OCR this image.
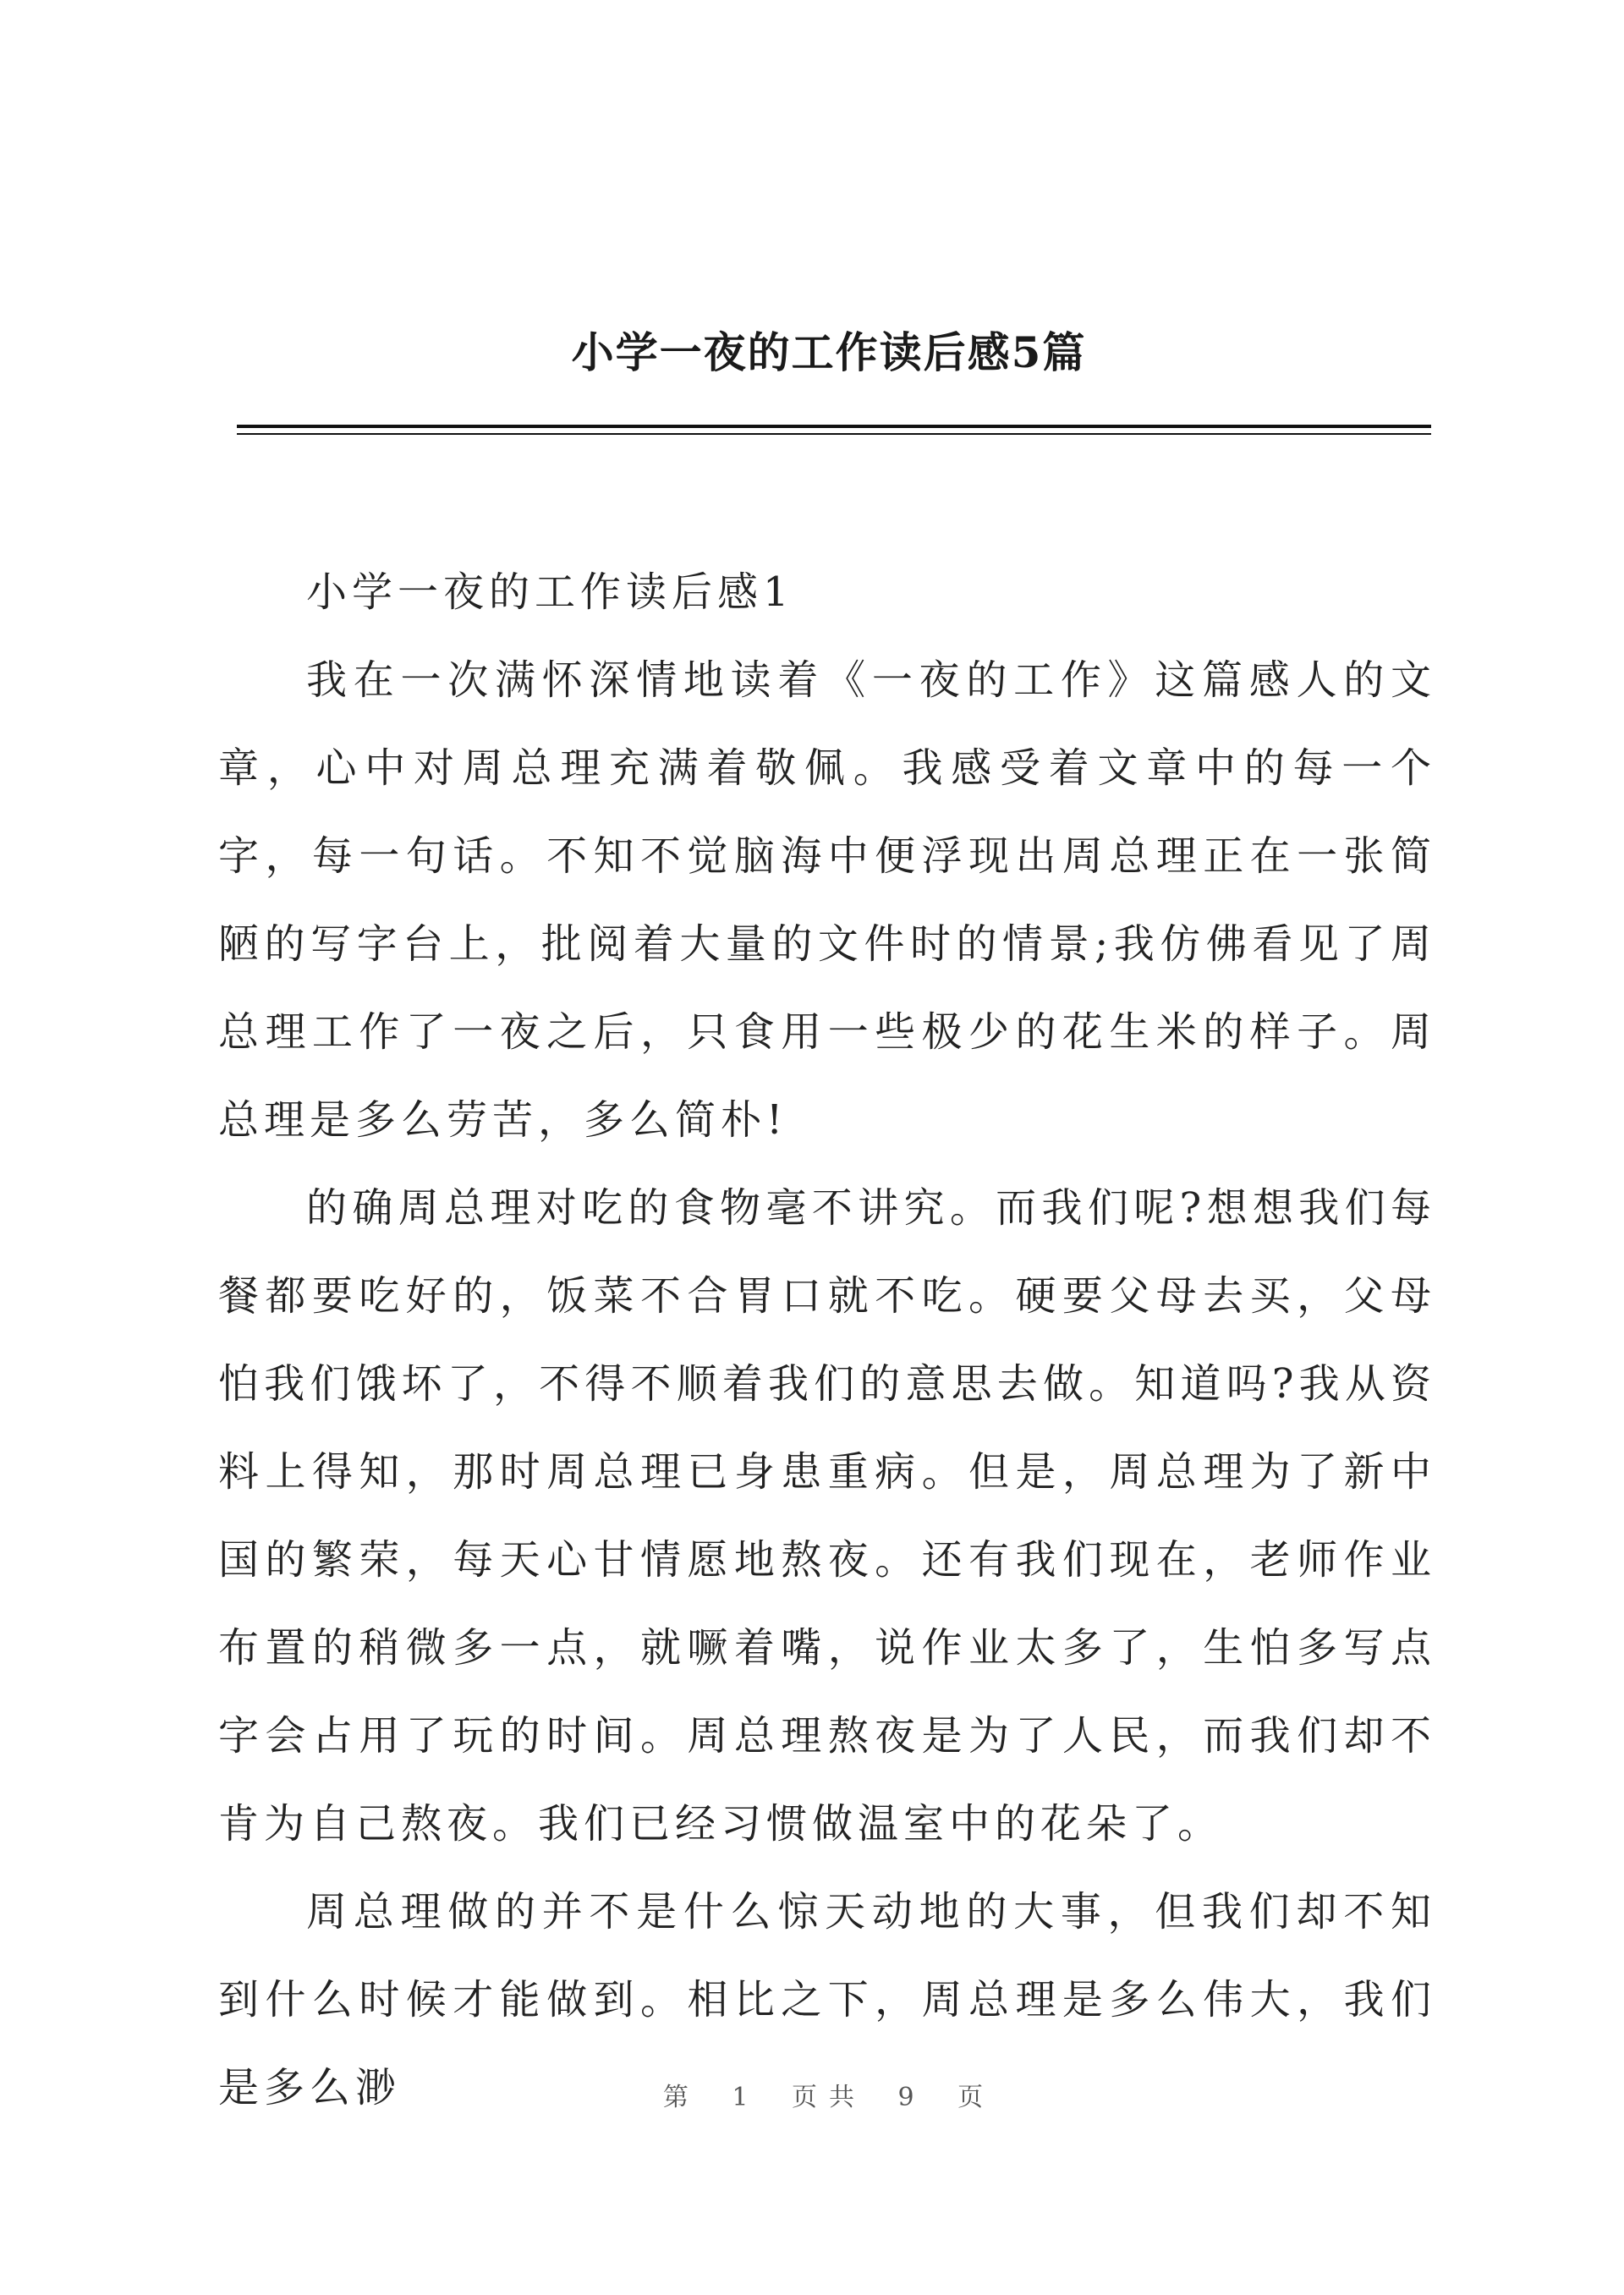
小学一夜的工作读后感5篇

小学一夜的工作读后感1

我在一次满怀深情地读着《一夜的工作》这篇感人的文章，心中对周总理充满着敬佩。我感受着文章中的每一个字，每一句话。不知不觉脑海中便浮现出周总理正在一张简陋的写字台上，批阅着大量的文件时的情景;我仿佛看见了周总理工作了一夜之后，只食用一些极少的花生米的样子。周总理是多么劳苦，多么简朴!

的确周总理对吃的食物毫不讲究。而我们呢?想想我们每餐都要吃好的，饭菜不合胃口就不吃。硬要父母去买，父母怕我们饿坏了，不得不顺着我们的意思去做。知道吗?我从资料上得知，那时周总理已身患重病。但是，周总理为了新中国的繁荣，每天心甘情愿地熬夜。还有我们现在，老师作业布置的稍微多一点，就噘着嘴，说作业太多了，生怕多写点字会占用了玩的时间。周总理熬夜是为了人民，而我们却不肯为自己熬夜。我们已经习惯做温室中的花朵了。

周总理做的并不是什么惊天动地的大事，但我们却不知到什么时候才能做到。相比之下，周总理是多么伟大，我们是多么渺	第 1 页共 9 页
